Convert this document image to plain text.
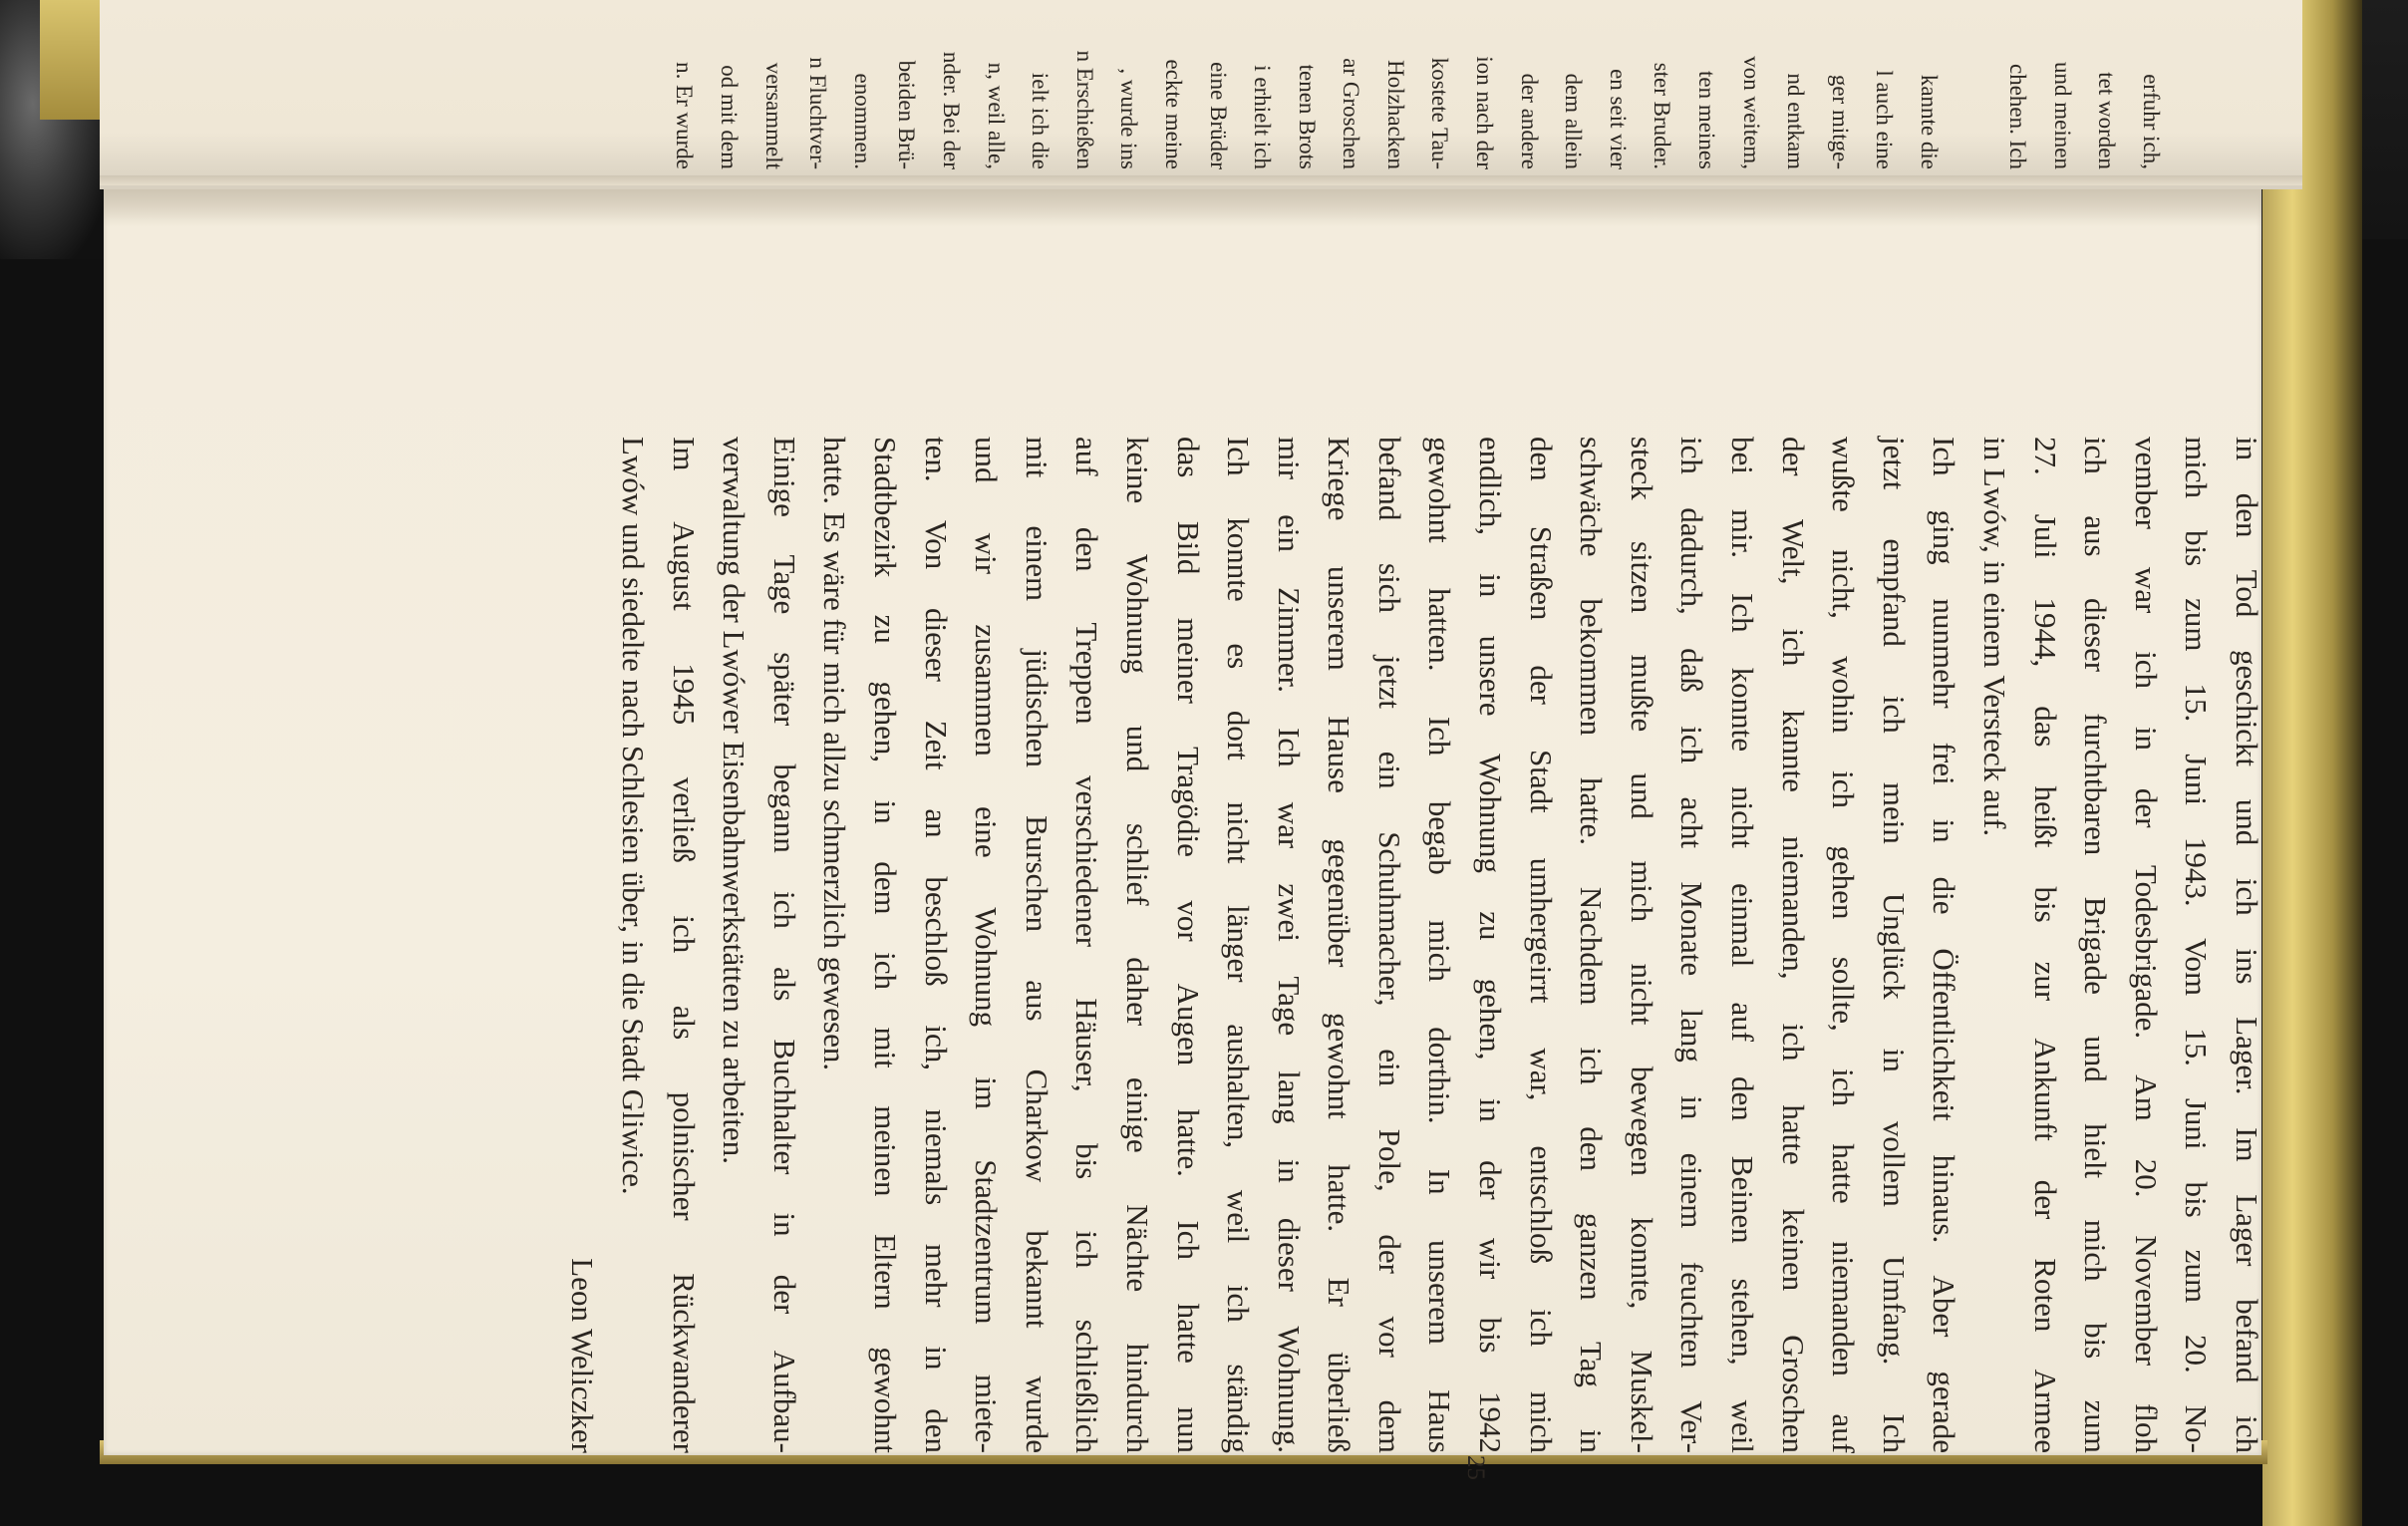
erfuhr ich,
tet worden
und meinen
chehen. Ich
kannte die
l auch eine
ger mitge-
nd entkam
von weitem,
ten meines
ster Bruder.
en seit vier
dem allein
der andere
ion nach der
kostete Tau-
Holzhacken
ar Groschen
tenen Brots
i erhielt ich
eine Brüder
eckte meine
, wurde ins
n Erschießen
ielt ich die
n, weil alle,
nder. Bei der
beiden Brü-
enommen.
n Fluchtver-
versammelt
od mit dem
n. Er wurde
in den Tod geschickt und ich ins Lager. Im Lager befand ich
mich bis zum 15. Juni 1943. Vom 15. Juni bis zum 20. No-
vember war ich in der Todesbrigade. Am 20. November floh
ich aus dieser furchtbaren Brigade und hielt mich bis zum
27. Juli 1944, das heißt bis zur Ankunft der Roten Armee
in Lwów, in einem Versteck auf.
Ich ging nunmehr frei in die Öffentlichkeit hinaus. Aber gerade
jetzt empfand ich mein Unglück in vollem Umfang. Ich
wußte nicht, wohin ich gehen sollte, ich hatte niemanden auf
der Welt, ich kannte niemanden, ich hatte keinen Groschen
bei mir. Ich konnte nicht einmal auf den Beinen stehen, weil
ich dadurch, daß ich acht Monate lang in einem feuchten Ver-
steck sitzen mußte und mich nicht bewegen konnte, Muskel-
schwäche bekommen hatte. Nachdem ich den ganzen Tag in
den Straßen der Stadt umhergeirrt war, entschloß ich mich
endlich, in unsere Wohnung zu gehen, in der wir bis 1942
gewohnt hatten. Ich begab mich dorthin. In unserem Haus
befand sich jetzt ein Schuhmacher, ein Pole, der vor dem
Kriege unserem Hause gegenüber gewohnt hatte. Er überließ
mir ein Zimmer. Ich war zwei Tage lang in dieser Wohnung.
Ich konnte es dort nicht länger aushalten, weil ich ständig
das Bild meiner Tragödie vor Augen hatte. Ich hatte nun
keine Wohnung und schlief daher einige Nächte hindurch
auf den Treppen verschiedener Häuser, bis ich schließlich
mit einem jüdischen Burschen aus Charkow bekannt wurde
und wir zusammen eine Wohnung im Stadtzentrum miete-
ten. Von dieser Zeit an beschloß ich, niemals mehr in den
Stadtbezirk zu gehen, in dem ich mit meinen Eltern gewohnt
hatte. Es wäre für mich allzu schmerzlich gewesen.
Einige Tage später begann ich als Buchhalter in der Aufbau-
verwaltung der Lwówer Eisenbahnwerkstätten zu arbeiten.
Im August 1945 verließ ich als polnischer Rückwanderer
Lwów und siedelte nach Schlesien über, in die Stadt Gliwice.
Leon Weliczker
25
